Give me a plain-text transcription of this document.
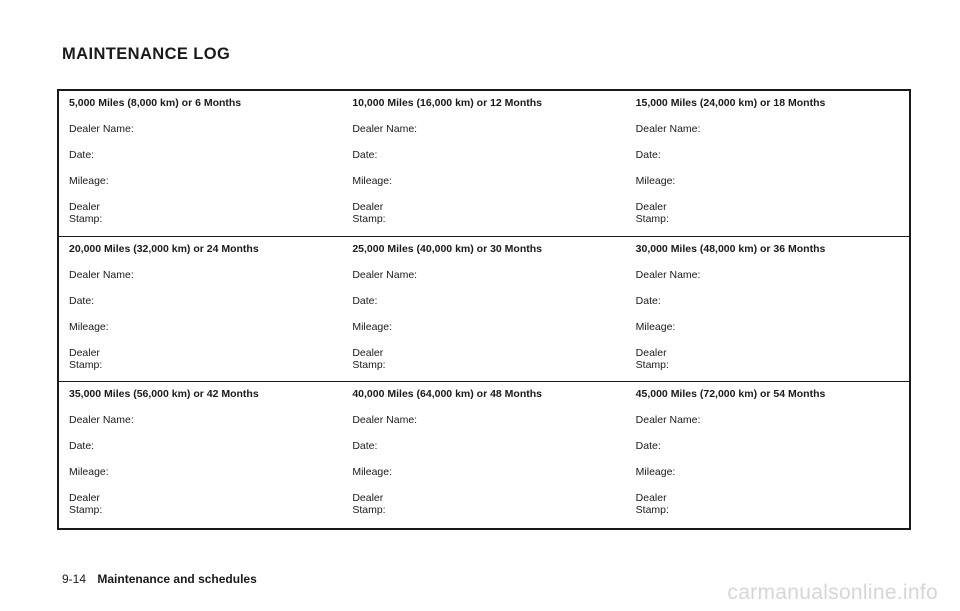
MAINTENANCE LOG
5,000 Miles (8,000 km) or 6 Months
Dealer Name:
Date:
Mileage:
Dealer
Stamp:
10,000 Miles (16,000 km) or 12 Months
Dealer Name:
Date:
Mileage:
Dealer
Stamp:
15,000 Miles (24,000 km) or 18 Months
Dealer Name:
Date:
Mileage:
Dealer
Stamp:
20,000 Miles (32,000 km) or 24 Months
Dealer Name:
Date:
Mileage:
Dealer
Stamp:
25,000 Miles (40,000 km) or 30 Months
Dealer Name:
Date:
Mileage:
Dealer
Stamp:
30,000 Miles (48,000 km) or 36 Months
Dealer Name:
Date:
Mileage:
Dealer
Stamp:
35,000 Miles (56,000 km) or 42 Months
Dealer Name:
Date:
Mileage:
Dealer
Stamp:
40,000 Miles (64,000 km) or 48 Months
Dealer Name:
Date:
Mileage:
Dealer
Stamp:
45,000 Miles (72,000 km) or 54 Months
Dealer Name:
Date:
Mileage:
Dealer
Stamp:
9-14 Maintenance and schedules
carmanualsonline.info
